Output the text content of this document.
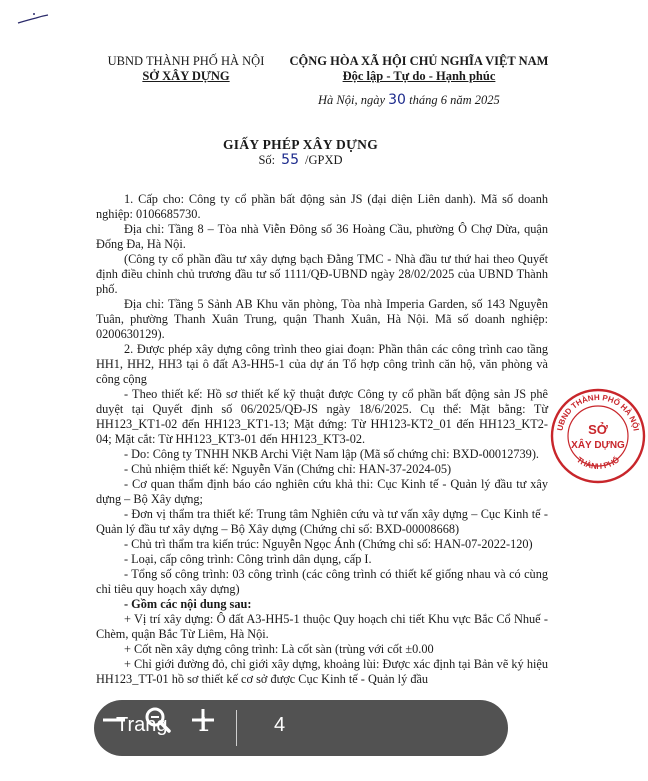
UBND THÀNH PHỐ HÀ NỘI
SỞ XÂY DỰNG
CỘNG HÒA XÃ HỘI CHỦ NGHĨA VIỆT NAM
Độc lập - Tự do - Hạnh phúc
Hà Nội, ngày 30 tháng 6 năm 2025
GIẤY PHÉP XÂY DỰNG
Số: 55 /GPXD

1. Cấp cho: Công ty cổ phần bất động sản JS (đại diện Liên danh). Mã số doanh nghiệp: 0106685730.

Địa chỉ: Tầng 8 – Tòa nhà Viễn Đông số 36 Hoàng Cầu, phường Ô Chợ Dừa, quận Đống Đa, Hà Nội.

(Công ty cổ phần đầu tư xây dựng bạch Đằng TMC - Nhà đầu tư thứ hai theo Quyết định điều chỉnh chủ trương đầu tư số 1111/QĐ-UBND ngày 28/02/2025 của UBND Thành phố.

Địa chỉ: Tầng 5 Sảnh AB Khu văn phòng, Tòa nhà Imperia Garden, số 143 Nguyễn Tuân, phường Thanh Xuân Trung, quận Thanh Xuân, Hà Nội. Mã số doanh nghiệp: 0200630129).

2. Được phép xây dựng công trình theo giai đoạn: Phần thân các công trình cao tầng HH1, HH2, HH3 tại ô đất A3-HH5-1 của dự án Tổ hợp công trình căn hộ, văn phòng và công cộng

- Theo thiết kế: Hồ sơ thiết kế kỹ thuật được Công ty cổ phần bất động sản JS phê duyệt tại Quyết định số 06/2025/QĐ-JS ngày 18/6/2025. Cụ thể: Mặt bằng: Từ HH123_KT1-02 đến HH123_KT1-13; Mặt đứng: Từ HH123-KT2_01 đến HH123_KT2-04; Mặt cắt: Từ HH123_KT3-01 đến HH123_KT3-02.

- Do: Công ty TNHH NKB Archi Việt Nam lập (Mã số chứng chỉ: BXD-00012739).

- Chủ nhiệm thiết kế: Nguyễn Văn (Chứng chỉ: HAN-37-2024-05)

- Cơ quan thẩm định báo cáo nghiên cứu khả thi: Cục Kinh tế - Quản lý đầu tư xây dựng – Bộ Xây dựng;

- Đơn vị thẩm tra thiết kế: Trung tâm Nghiên cứu và tư vấn xây dựng – Cục Kinh tế - Quản lý đầu tư xây dựng – Bộ Xây dựng (Chứng chỉ số: BXD-00008668)

- Chủ trì thẩm tra kiến trúc: Nguyễn Ngọc Ánh (Chứng chỉ số: HAN-07-2022-120)

- Loại, cấp công trình: Công trình dân dụng, cấp I.

- Tổng số công trình: 03 công trình (các công trình có thiết kế giống nhau và có cùng chỉ tiêu quy hoạch xây dựng)

- Gồm các nội dung sau:

+ Vị trí xây dựng: Ô đất A3-HH5-1 thuộc Quy hoạch chi tiết Khu vực Bắc Cổ Nhuế - Chèm, quận Bắc Từ Liêm, Hà Nội.

+ Cốt nền xây dựng công trình: Là cốt sàn (trùng với cốt ±0.00

+ Chỉ giới đường đỏ, chỉ giới xây dựng, khoảng lùi: Được xác định tại Bản vẽ ký hiệu HH123_TT-01 hồ sơ thiết kế cơ sở được Cục Kinh tế - Quản lý đầu

UBND THÀNH PHỐ HÀ NỘI
THÀNH PHỐ
SỞ
XÂY DỰNG
Trang 1	4
